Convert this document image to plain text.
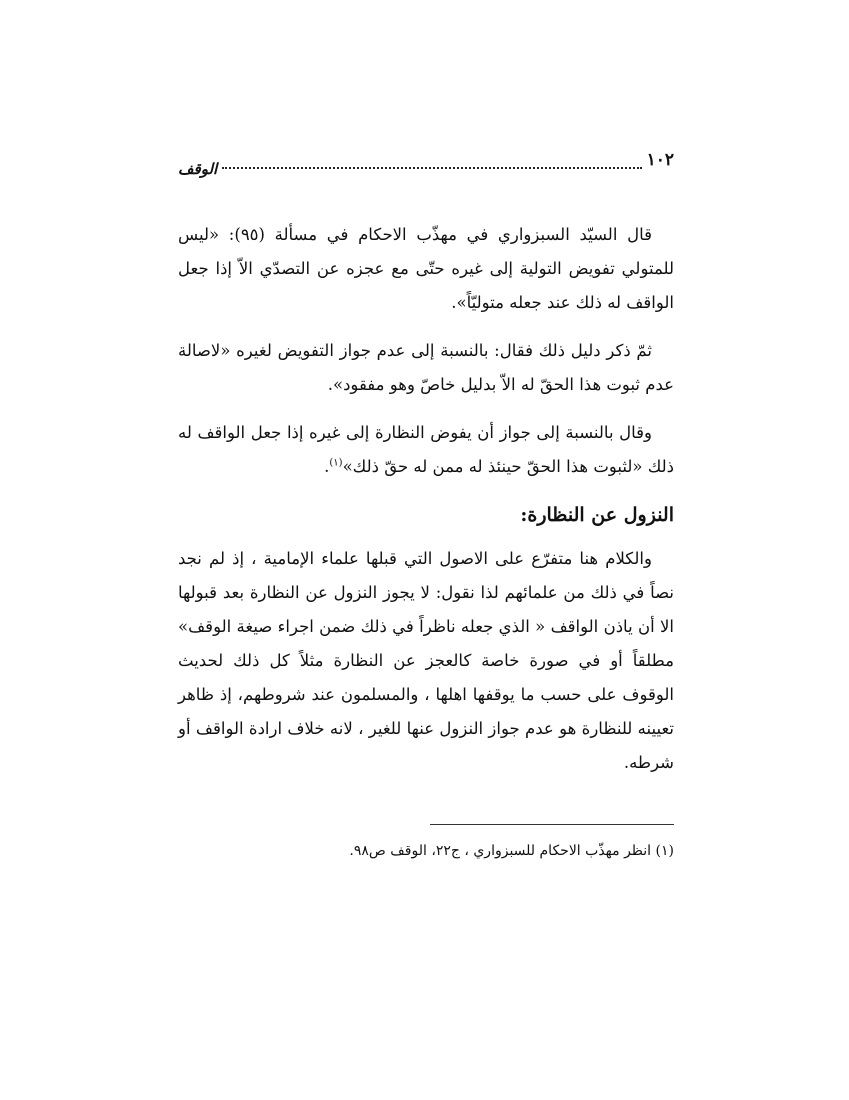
١٠٢
الوقف

قال السيّد السبزواري في مهذّب الاحكام في مسألة (٩٥): «ليس للمتولي تفويض التولية إلى غيره حتّى مع عجزه عن التصدّي الاّ إذا جعل الواقف له ذلك عند جعله متوليّاً».

ثمّ ذكر دليل ذلك فقال: بالنسبة إلى عدم جواز التفويض لغيره «لاصالة عدم ثبوت هذا الحقّ له الاّ بدليل خاصّ وهو مفقود».

وقال بالنسبة إلى جواز أن يفوض النظارة إلى غيره إذا جعل الواقف له ذلك «لثبوت هذا الحقّ حينئذ له ممن له حقّ ذلك»$^{(١)}$.

النزول عن النظارة:

والكلام هنا متفرّع على الاصول التي قبلها علماء الإمامية ، إذ لم نجد نصاً في ذلك من علمائهم لذا نقول: لا يجوز النزول عن النظارة بعد قبولها الا أن ياذن الواقف « الذي جعله ناظراً في ذلك ضمن اجراء صيغة الوقف» مطلقاً أو في صورة خاصة كالعجز عن النظارة مثلاً كل ذلك لحديث الوقوف على حسب ما يوقفها اهلها ، والمسلمون عند شروطهم، إذ ظاهر تعيينه للنظارة هو عدم جواز النزول عنها للغير ، لانه خلاف ارادة الواقف أو شرطه.

(١) انظر مهذّب الاحكام للسبزواري ، ج٢٢، الوقف ص٩٨.
